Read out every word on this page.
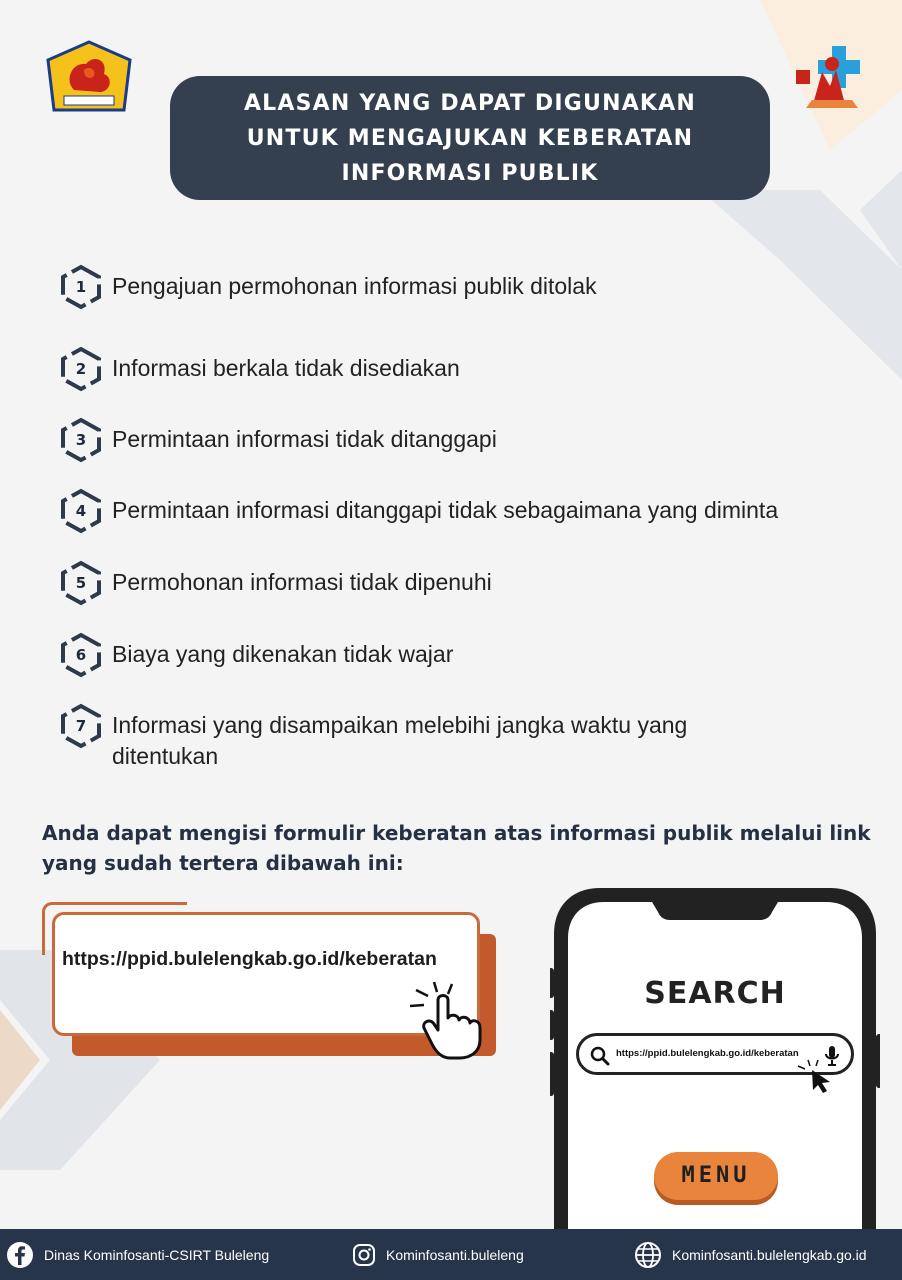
ALASAN YANG DAPAT DIGUNAKAN
UNTUK MENGAJUKAN KEBERATAN
INFORMASI PUBLIK
1	Pengajuan permohonan informasi publik ditolak
2	Informasi berkala tidak disediakan
3	Permintaan informasi tidak ditanggapi
4	Permintaan informasi ditanggapi tidak sebagaimana yang diminta
5	Permohonan informasi tidak dipenuhi
6	Biaya yang dikenakan tidak wajar
7	Informasi yang disampaikan melebihi jangka waktu yang ditentukan
Anda dapat mengisi formulir keberatan atas informasi publik melalui link yang sudah tertera dibawah ini:
https://ppid.bulelengkab.go.id/keberatan
SEARCH
https://ppid.bulelengkab.go.id/keberatan
MENU
Dinas Kominfosanti-CSIRT Buleleng	Kominfosanti.buleleng	Kominfosanti.bulelengkab.go.id
